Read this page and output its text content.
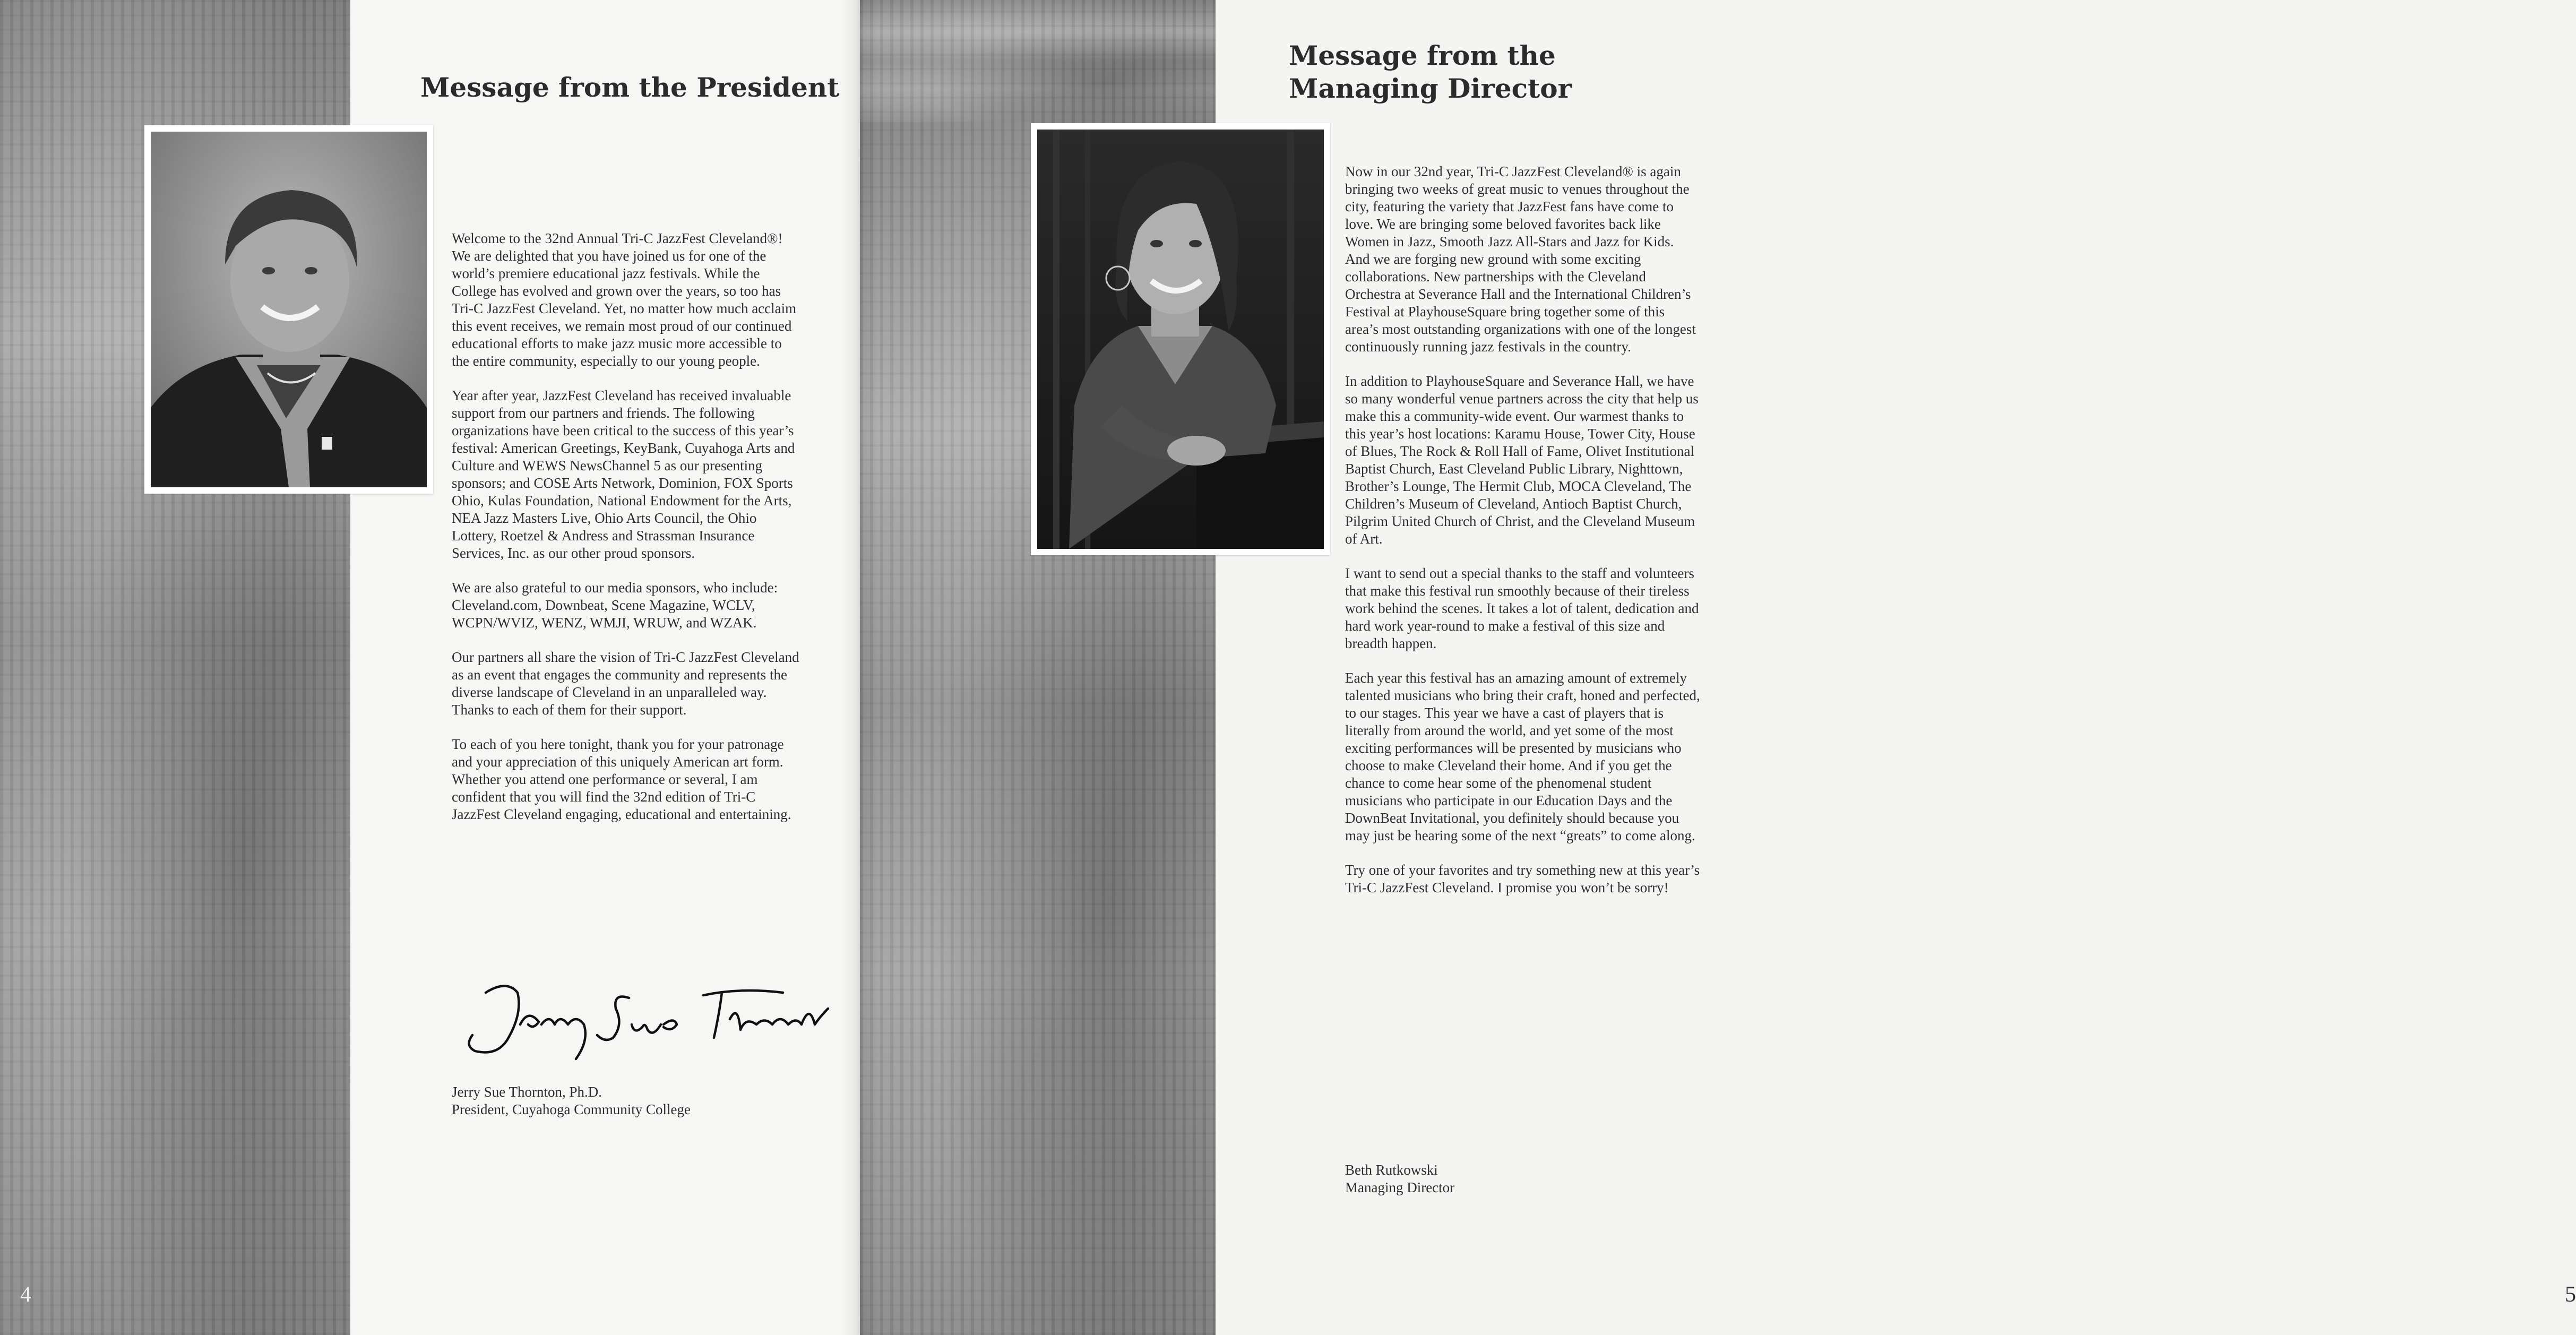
Message from the President

Welcome to the 32nd Annual Tri-C JazzFest Cleveland®! We are delighted that you have joined us for one of the world’s premiere educational jazz festivals. While the College has evolved and grown over the years, so too has Tri-C JazzFest Cleveland. Yet, no matter how much acclaim this event receives, we remain most proud of our continued educational efforts to make jazz music more accessible to the entire community, especially to our young people.

Year after year, JazzFest Cleveland has received invaluable support from our partners and friends. The following organizations have been critical to the success of this year’s festival: American Greetings, KeyBank, Cuyahoga Arts and Culture and WEWS NewsChannel 5 as our presenting sponsors; and COSE Arts Network, Dominion, FOX Sports Ohio, Kulas Foundation, National Endowment for the Arts, NEA Jazz Masters Live, Ohio Arts Council, the Ohio Lottery, Roetzel & Andress and Strassman Insurance Services, Inc. as our other proud sponsors.

We are also grateful to our media sponsors, who include: Cleveland.com, Downbeat, Scene Magazine, WCLV, WCPN/WVIZ, WENZ, WMJI, WRUW, and WZAK.

Our partners all share the vision of Tri-C JazzFest Cleveland as an event that engages the community and represents the diverse landscape of Cleveland in an unparalleled way. Thanks to each of them for their support.

To each of you here tonight, thank you for your patronage and your appreciation of this uniquely American art form. Whether you attend one performance or several, I am confident that you will find the 32nd edition of Tri-C JazzFest Cleveland engaging, educational and entertaining.

Jerry Sue Thornton, Ph.D.
President, Cuyahoga Community College
4	5
Message from the
Managing Director

Now in our 32nd year, Tri-C JazzFest Cleveland® is again bringing two weeks of great music to venues throughout the city, featuring the variety that JazzFest fans have come to love. We are bringing some beloved favorites back like Women in Jazz, Smooth Jazz All-Stars and Jazz for Kids. And we are forging new ground with some exciting collaborations. New partnerships with the Cleveland Orchestra at Severance Hall and the International Children’s Festival at PlayhouseSquare bring together some of this area’s most outstanding organizations with one of the longest continuously running jazz festivals in the country.

In addition to PlayhouseSquare and Severance Hall, we have so many wonderful venue partners across the city that help us make this a community-wide event. Our warmest thanks to this year’s host locations: Karamu House, Tower City, House of Blues, The Rock & Roll Hall of Fame, Olivet Institutional Baptist Church, East Cleveland Public Library, Nighttown, Brother’s Lounge, The Hermit Club, MOCA Cleveland, The Children’s Museum of Cleveland, Antioch Baptist Church, Pilgrim United Church of Christ, and the Cleveland Museum of Art.

I want to send out a special thanks to the staff and volunteers that make this festival run smoothly because of their tireless work behind the scenes. It takes a lot of talent, dedication and hard work year-round to make a festival of this size and breadth happen.

Each year this festival has an amazing amount of extremely talented musicians who bring their craft, honed and perfected, to our stages. This year we have a cast of players that is literally from around the world, and yet some of the most exciting performances will be presented by musicians who choose to make Cleveland their home. And if you get the chance to come hear some of the phenomenal student musicians who participate in our Education Days and the DownBeat Invitational, you definitely should because you may just be hearing some of the next “greats” to come along.

Try one of your favorites and try something new at this year’s Tri-C JazzFest Cleveland. I promise you won’t be sorry!

Beth Rutkowski
Managing Director
